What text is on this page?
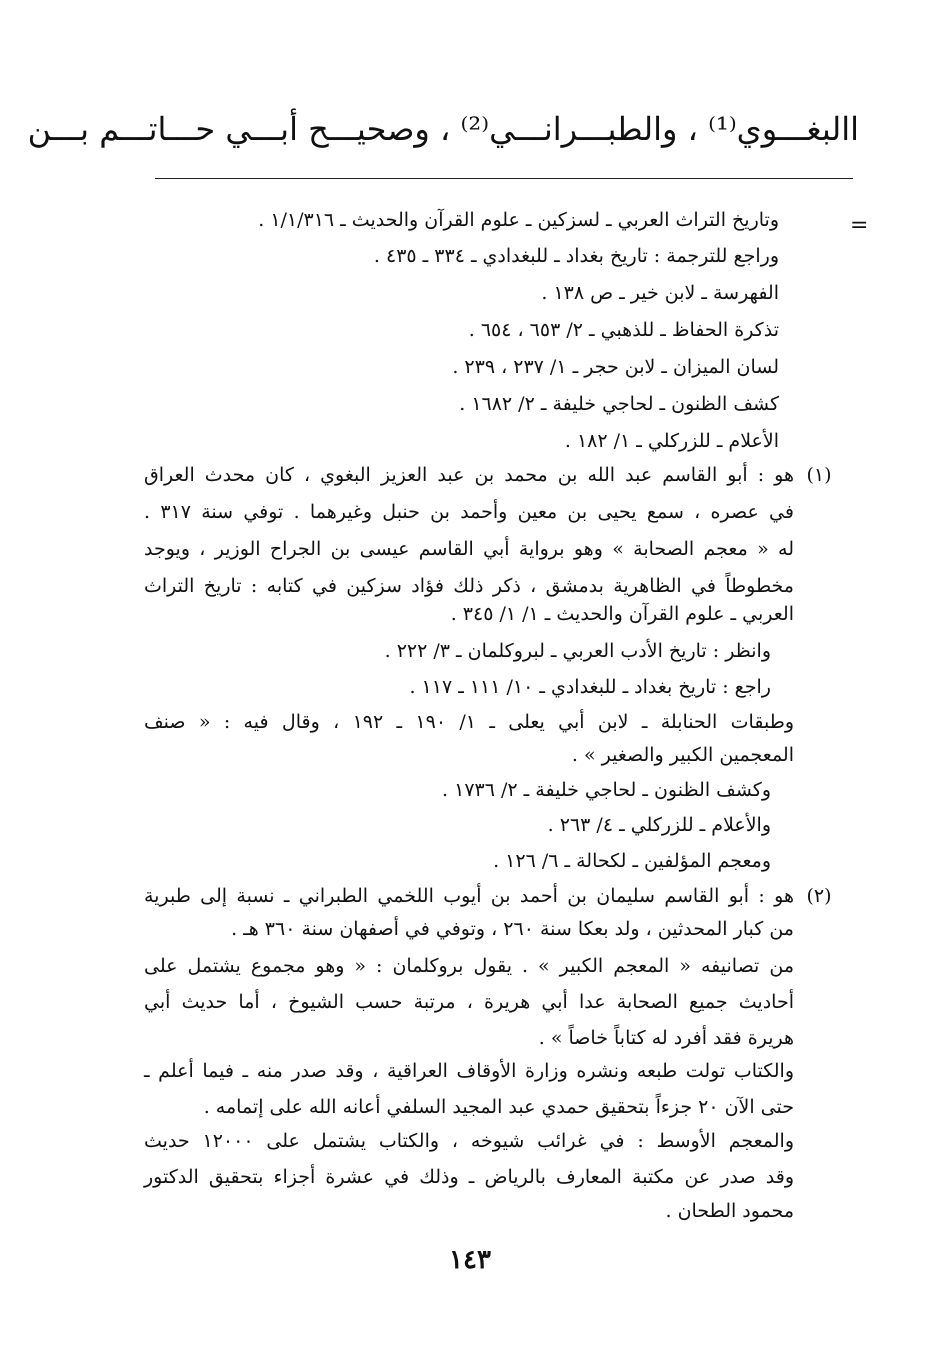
االبغـــوي⁽¹⁾ ، والطبـــرانـــي⁽²⁾ ، وصحيـــح أبـــي حـــاتـــم بـــن
=
وتاريخ التراث العربي ـ لسزكين ـ علوم القرآن والحديث ـ ١/١/٣١٦ .
وراجع للترجمة : تاريخ بغداد ـ للبغدادي ـ ٣٣٤ ـ ٤٣٥ .
الفهرسة ـ لابن خير ـ ص ١٣٨ .
تذكرة الحفاظ ـ للذهبي ـ ٢/ ٦٥٣ ، ٦٥٤ .
لسان الميزان ـ لابن حجر ـ ١/ ٢٣٧ ، ٢٣٩ .
كشف الظنون ـ لحاجي خليفة ـ ٢/ ١٦٨٢ .
الأعلام ـ للزركلي ـ ١/ ١٨٢ .
(١)
هو : أبو القاسم عبد الله بن محمد بن عبد العزيز البغوي ، كان محدث العراق
في عصره ، سمع يحيى بن معين وأحمد بن حنبل وغيرهما . توفي سنة ٣١٧ .
له « معجم الصحابة » وهو برواية أبي القاسم عيسى بن الجراح الوزير ، ويوجد
مخطوطاً في الظاهرية بدمشق ، ذكر ذلك فؤاد سزكين في كتابه : تاريخ التراث
العربي ـ علوم القرآن والحديث ـ ١/ ١/ ٣٤٥ .
وانظر : تاريخ الأدب العربي ـ لبروكلمان ـ ٣/ ٢٢٢ .
راجع : تاريخ بغداد ـ للبغدادي ـ ١٠/ ١١١ ـ ١١٧ .
وطبقات الحنابلة ـ لابن أبي يعلى ـ ١/ ١٩٠ ـ ١٩٢ ، وقال فيه : « صنف
المعجمين الكبير والصغير » .
وكشف الظنون ـ لحاجي خليفة ـ ٢/ ١٧٣٦ .
والأعلام ـ للزركلي ـ ٤/ ٢٦٣ .
ومعجم المؤلفين ـ لكحالة ـ ٦/ ١٢٦ .
(٢)
هو : أبو القاسم سليمان بن أحمد بن أيوب اللخمي الطبراني ـ نسبة إلى طبرية
من كبار المحدثين ، ولد بعكا سنة ٢٦٠ ، وتوفي في أصفهان سنة ٣٦٠ هـ .
من تصانيفه « المعجم الكبير » . يقول بروكلمان : « وهو مجموع يشتمل على
أحاديث جميع الصحابة عدا أبي هريرة ، مرتبة حسب الشيوخ ، أما حديث أبي
هريرة فقد أفرد له كتاباً خاصاً » .
والكتاب تولت طبعه ونشره وزارة الأوقاف العراقية ، وقد صدر منه ـ فيما أعلم ـ
حتى الآن ٢٠ جزءاً بتحقيق حمدي عبد المجيد السلفي أعانه الله على إتمامه .
والمعجم الأوسط : في غرائب شيوخه ، والكتاب يشتمل على ١٢٠٠٠ حديث
وقد صدر عن مكتبة المعارف بالرياض ـ وذلك في عشرة أجزاء بتحقيق الدكتور
محمود الطحان .
١٤٣
